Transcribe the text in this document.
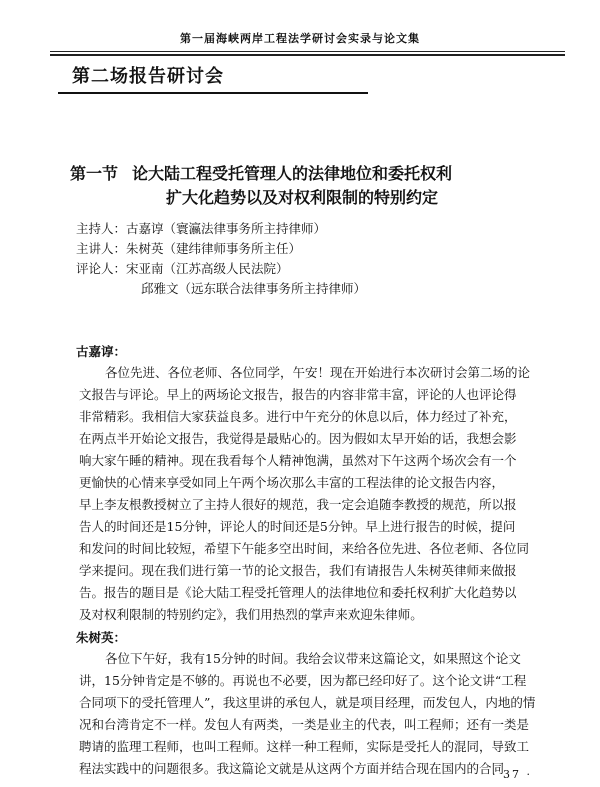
第一届海峡两岸工程法学研讨会实录与论文集
第二场报告研讨会
第一节 论大陆工程受托管理人的法律地位和委托权利
扩大化趋势以及对权利限制的特别约定
主持人：古嘉谆（寰瀛法律事务所主持律师）
主讲人：朱树英（建纬律师事务所主任）
评论人：宋亚南（江苏高级人民法院）
邱雅文（远东联合法律事务所主持律师）
古嘉谆：
各位先进、各位老师、各位同学，午安！现在开始进行本次研讨会第二场的论
文报告与评论。早上的两场论文报告，报告的内容非常丰富，评论的人也评论得
非常精彩。我相信大家获益良多。进行中午充分的休息以后，体力经过了补充，
在两点半开始论文报告，我觉得是最贴心的。因为假如太早开始的话，我想会影
响大家午睡的精神。现在我看每个人精神饱满，虽然对下午这两个场次会有一个
更愉快的心情来享受如同上午两个场次那么丰富的工程法律的论文报告内容，
早上李友根教授树立了主持人很好的规范，我一定会追随李教授的规范，所以报
告人的时间还是15分钟，评论人的时间还是5分钟。早上进行报告的时候，提问
和发问的时间比较短，希望下午能多空出时间，来给各位先进、各位老师、各位同
学来提问。现在我们进行第一节的论文报告，我们有请报告人朱树英律师来做报
告。报告的题目是《论大陆工程受托管理人的法律地位和委托权利扩大化趋势以
及对权利限制的特别约定》，我们用热烈的掌声来欢迎朱律师。
朱树英：
各位下午好，我有15分钟的时间。我给会议带来这篇论文，如果照这个论文
讲，15分钟肯定是不够的。再说也不必要，因为都已经印好了。这个论文讲“工程
合同项下的受托管理人”，我这里讲的承包人，就是项目经理，而发包人，内地的情
况和台湾肯定不一样。发包人有两类，一类是业主的代表，叫工程师；还有一类是
聘请的监理工程师，也叫工程师。这样一种工程师，实际是受托人的混同，导致工
程法实践中的问题很多。我这篇论文就是从这两个方面并结合现在国内的合同
· 37 ·
